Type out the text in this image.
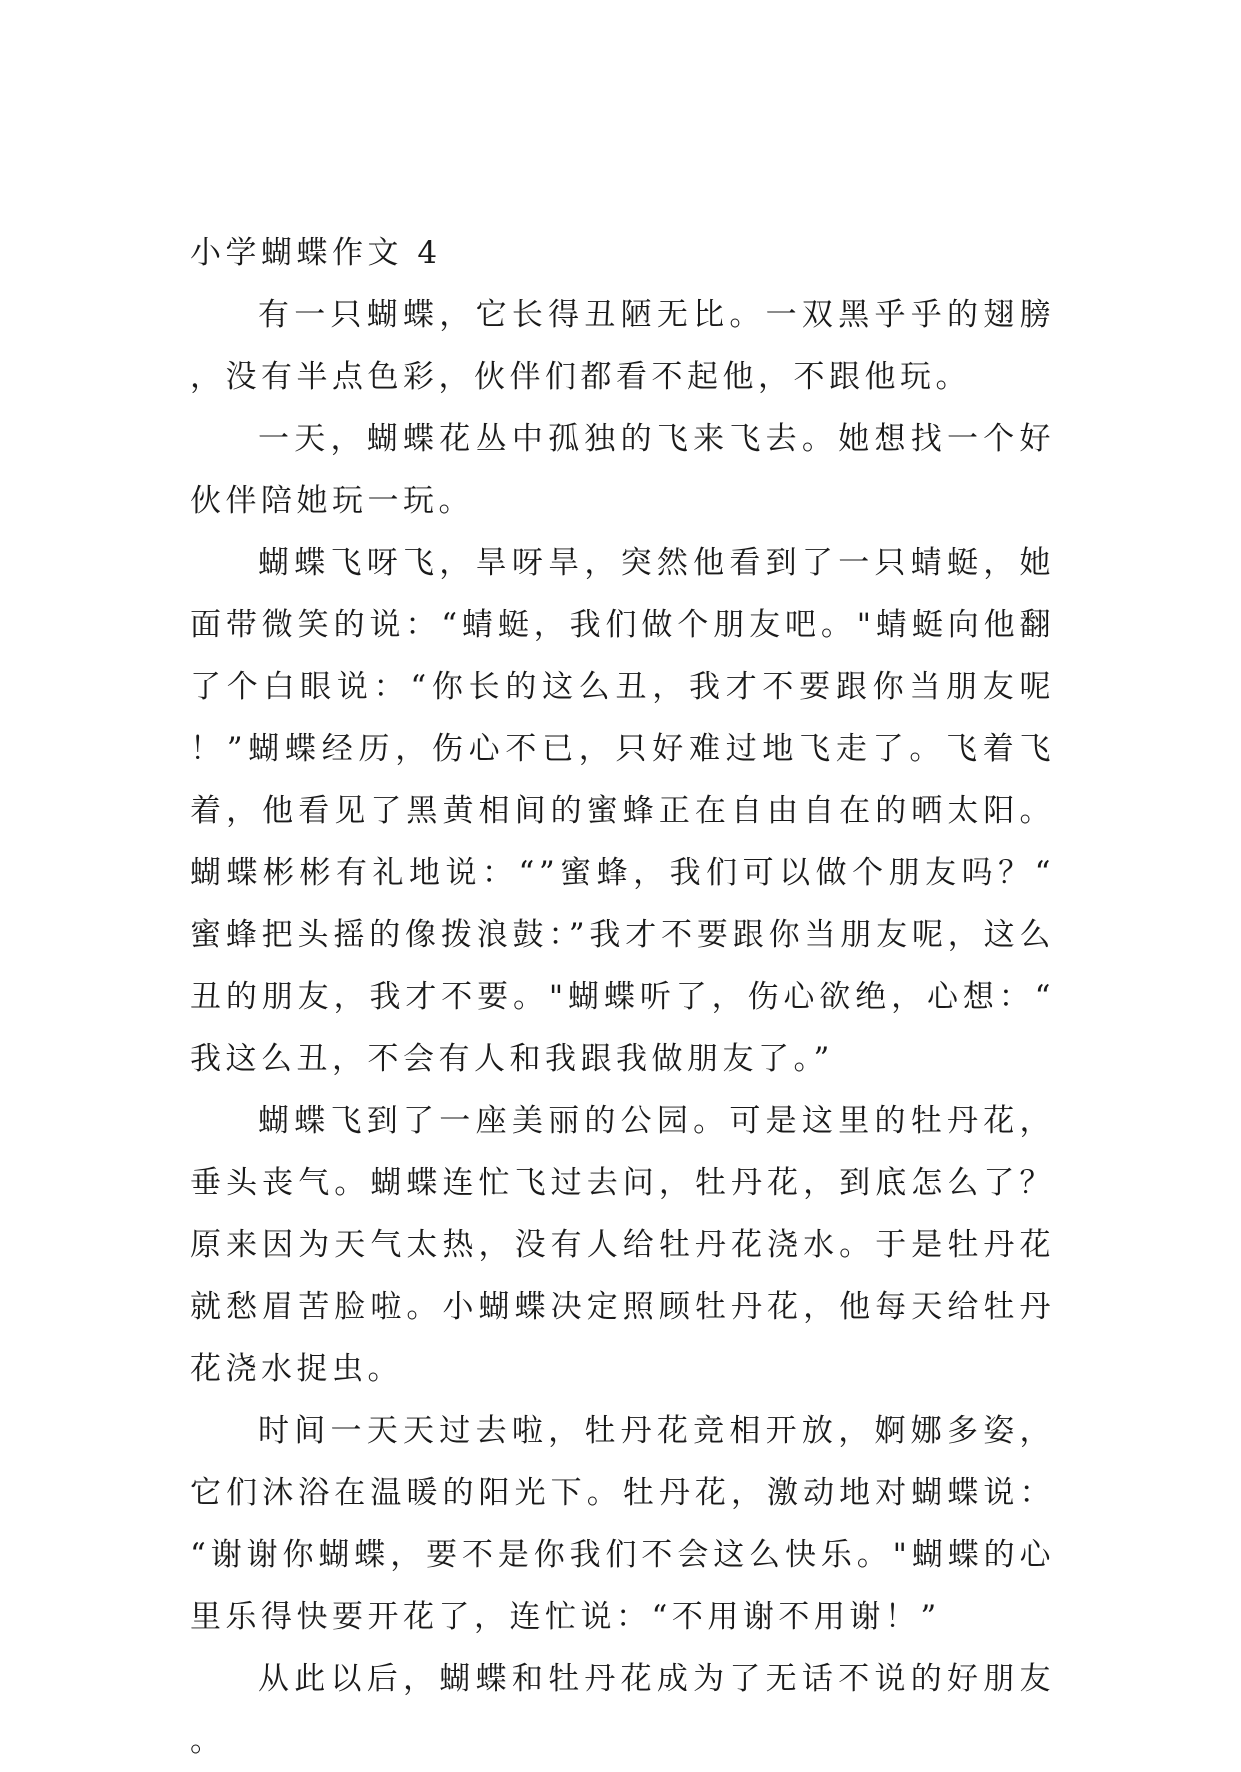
小学蝴蝶作文 4

有一只蝴蝶，它长得丑陋无比。一双黑乎乎的翅膀，没有半点色彩，伙伴们都看不起他，不跟他玩。

一天，蝴蝶花丛中孤独的飞来飞去。她想找一个好伙伴陪她玩一玩。

蝴蝶飞呀飞，旱呀旱，突然他看到了一只蜻蜓，她面带微笑的说：“蜻蜓，我们做个朋友吧。"蜻蜓向他翻了个白眼说：“你长的这么丑，我才不要跟你当朋友呢！”蝴蝶经历，伤心不已，只好难过地飞走了。飞着飞着，他看见了黑黄相间的蜜蜂正在自由自在的晒太阳。蝴蝶彬彬有礼地说：“”蜜蜂，我们可以做个朋友吗？“蜜蜂把头摇的像拨浪鼓：”我才不要跟你当朋友呢，这么丑的朋友，我才不要。"蝴蝶听了，伤心欲绝，心想：“我这么丑，不会有人和我跟我做朋友了。”

蝴蝶飞到了一座美丽的公园。可是这里的牡丹花，垂头丧气。蝴蝶连忙飞过去问，牡丹花，到底怎么了？原来因为天气太热，没有人给牡丹花浇水。于是牡丹花就愁眉苦脸啦。小蝴蝶决定照顾牡丹花，他每天给牡丹花浇水捉虫。

时间一天天过去啦，牡丹花竞相开放，婀娜多姿，它们沐浴在温暖的阳光下。牡丹花，激动地对蝴蝶说：“谢谢你蝴蝶，要不是你我们不会这么快乐。"蝴蝶的心里乐得快要开花了，连忙说：“不用谢不用谢！”

从此以后，蝴蝶和牡丹花成为了无话不说的好朋友。
